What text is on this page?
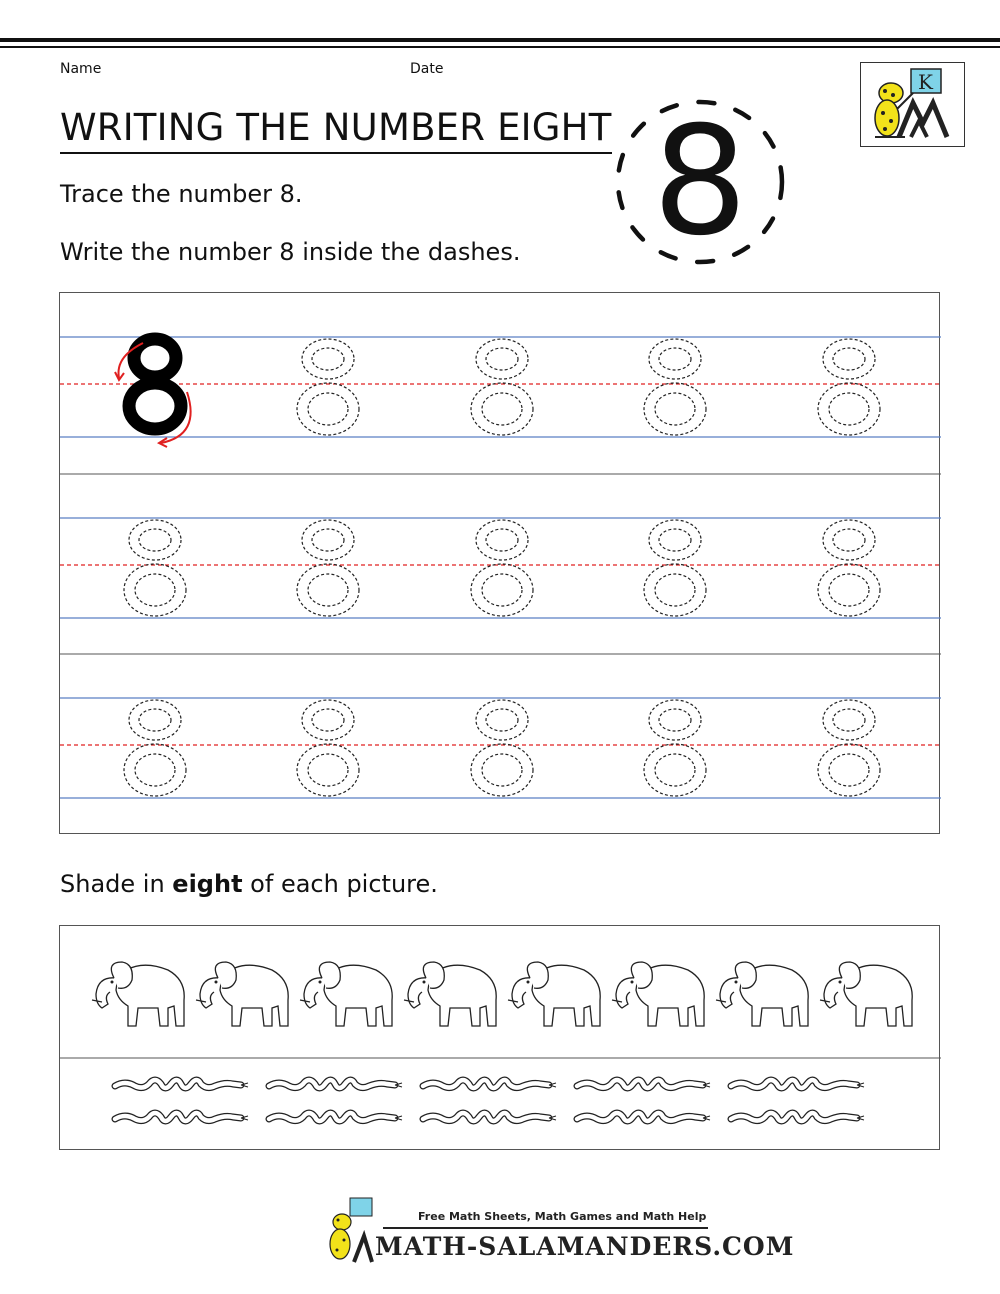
Name	Date
WRITING THE NUMBER EIGHT 8
K
Trace the number 8.
Write the number 8 inside the dashes.
Shade in eight of each picture.
Free Math Sheets, Math Games and Math Help
MATH-SALAMANDERS.COM
